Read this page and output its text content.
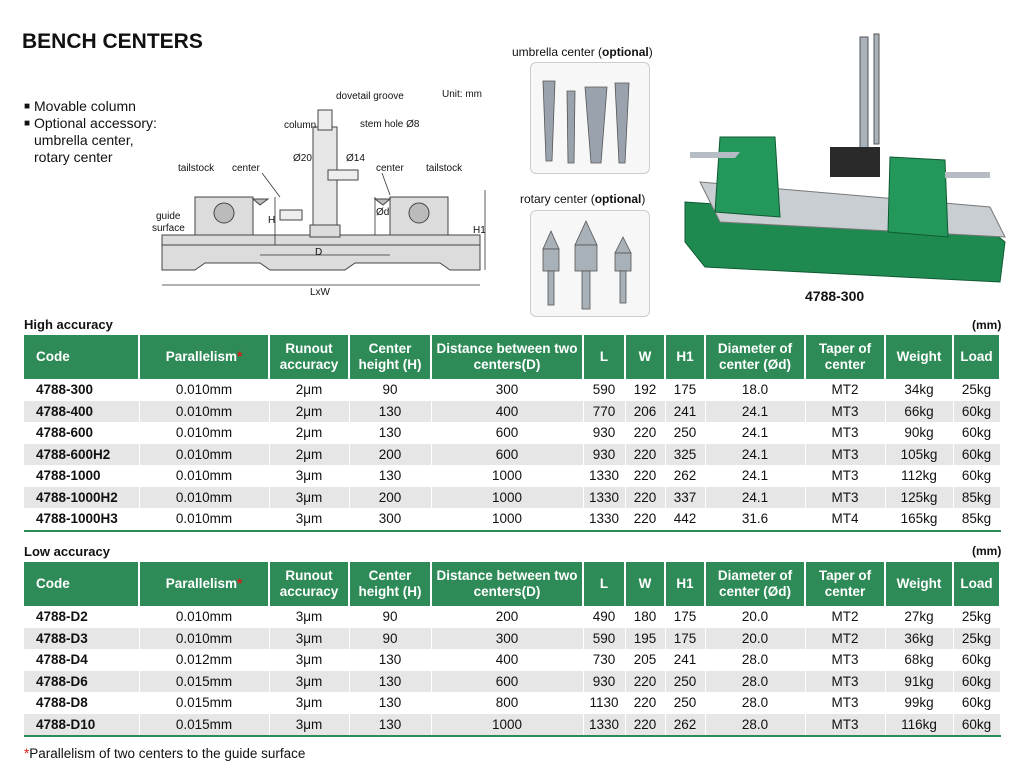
BENCH CENTERS
■ Movable column
■ Optional accessory:
umbrella center,
rotary center
Unit: mm
dovetail groove
column	stem hole Ø8
Ø20	Ø14
tailstock center	center tailstock
guide
surface
H
D
Ød
H1
LxW
umbrella center (optional)
rotary center (optional)
4788-300
High accuracy	(mm)
Code	Parallelism*	Runout accuracy	Center height (H)	Distance between two centers(D)	L	W	H1	Diameter of center (Ød)	Taper of center	Weight	Load
4788-300	0.010mm	2μm	90	300	590	192	175	18.0	MT2	34kg	25kg
4788-400	0.010mm	2μm	130	400	770	206	241	24.1	MT3	66kg	60kg
4788-600	0.010mm	2μm	130	600	930	220	250	24.1	MT3	90kg	60kg
4788-600H2	0.010mm	2μm	200	600	930	220	325	24.1	MT3	105kg	60kg
4788-1000	0.010mm	3μm	130	1000	1330	220	262	24.1	MT3	112kg	60kg
4788-1000H2	0.010mm	3μm	200	1000	1330	220	337	24.1	MT3	125kg	85kg
4788-1000H3	0.010mm	3μm	300	1000	1330	220	442	31.6	MT4	165kg	85kg
Low accuracy	(mm)
Code	Parallelism*	Runout accuracy	Center height (H)	Distance between two centers(D)	L	W	H1	Diameter of center (Ød)	Taper of center	Weight	Load
4788-D2	0.010mm	3μm	90	200	490	180	175	20.0	MT2	27kg	25kg
4788-D3	0.010mm	3μm	90	300	590	195	175	20.0	MT2	36kg	25kg
4788-D4	0.012mm	3μm	130	400	730	205	241	28.0	MT3	68kg	60kg
4788-D6	0.015mm	3μm	130	600	930	220	250	28.0	MT3	91kg	60kg
4788-D8	0.015mm	3μm	130	800	1130	220	250	28.0	MT3	99kg	60kg
4788-D10	0.015mm	3μm	130	1000	1330	220	262	28.0	MT3	116kg	60kg
*Parallelism of two centers to the guide surface
